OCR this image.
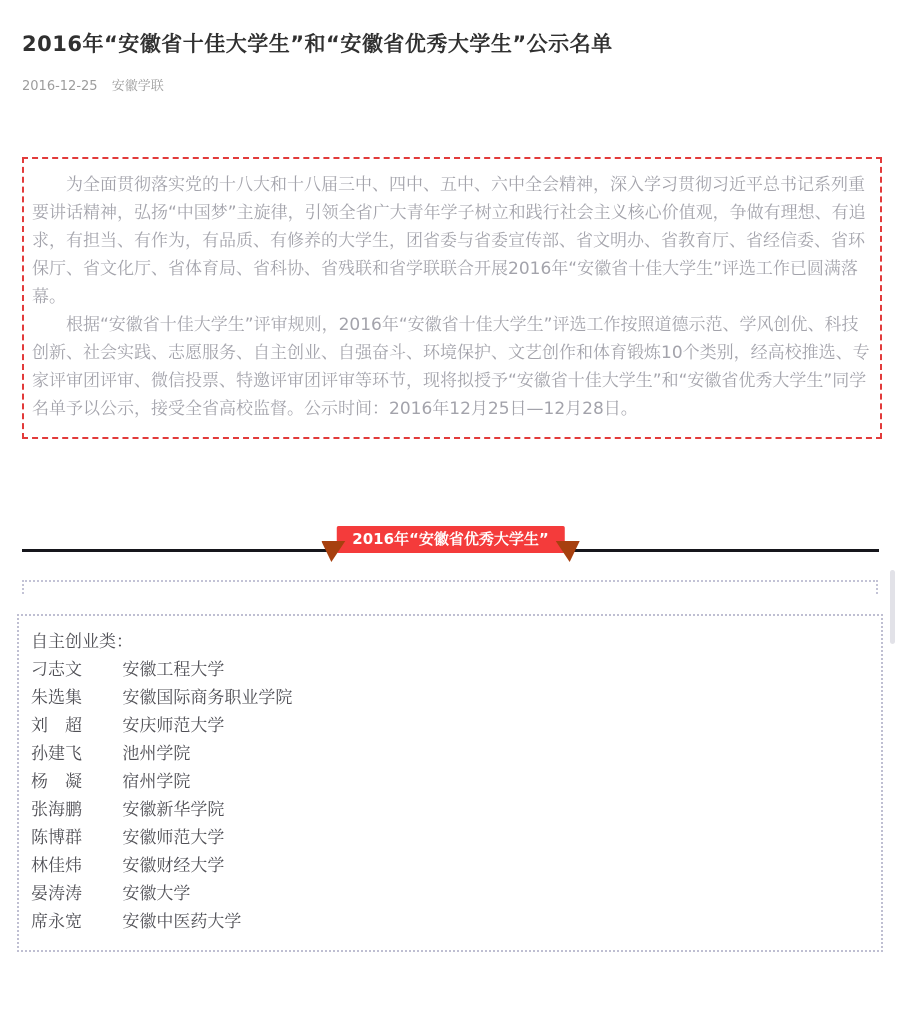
2016年“安徽省十佳大学生”和“安徽省优秀大学生”公示名单
2016-12-25 安徽学联

为全面贯彻落实党的十八大和十八届三中、四中、五中、六中全会精神，深入学习贯彻习近平总书记系列重要讲话精神，弘扬“中国梦”主旋律，引领全省广大青年学子树立和践行社会主义核心价值观，争做有理想、有追求，有担当、有作为，有品质、有修养的大学生，团省委与省委宣传部、省文明办、省教育厅、省经信委、省环保厅、省文化厅、省体育局、省科协、省残联和省学联联合开展2016年“安徽省十佳大学生”评选工作已圆满落幕。

根据“安徽省十佳大学生”评审规则，2016年“安徽省十佳大学生”评选工作按照道德示范、学风创优、科技创新、社会实践、志愿服务、自主创业、自强奋斗、环境保护、文艺创作和体育锻炼10个类别，经高校推选、专家评审团评审、微信投票、特邀评审团评审等环节，现将拟授予“安徽省十佳大学生”和“安徽省优秀大学生”同学名单予以公示，接受全省高校监督。公示时间：2016年12月25日—12月28日。

2016年“安徽省优秀大学生”
自主创业类：
刁志文 安徽工程大学
朱选集 安徽国际商务职业学院
刘　超 安庆师范大学
孙建飞 池州学院
杨　凝 宿州学院
张海鹏 安徽新华学院
陈博群 安徽师范大学
林佳炜 安徽财经大学
晏涛涛 安徽大学
席永宽 安徽中医药大学
